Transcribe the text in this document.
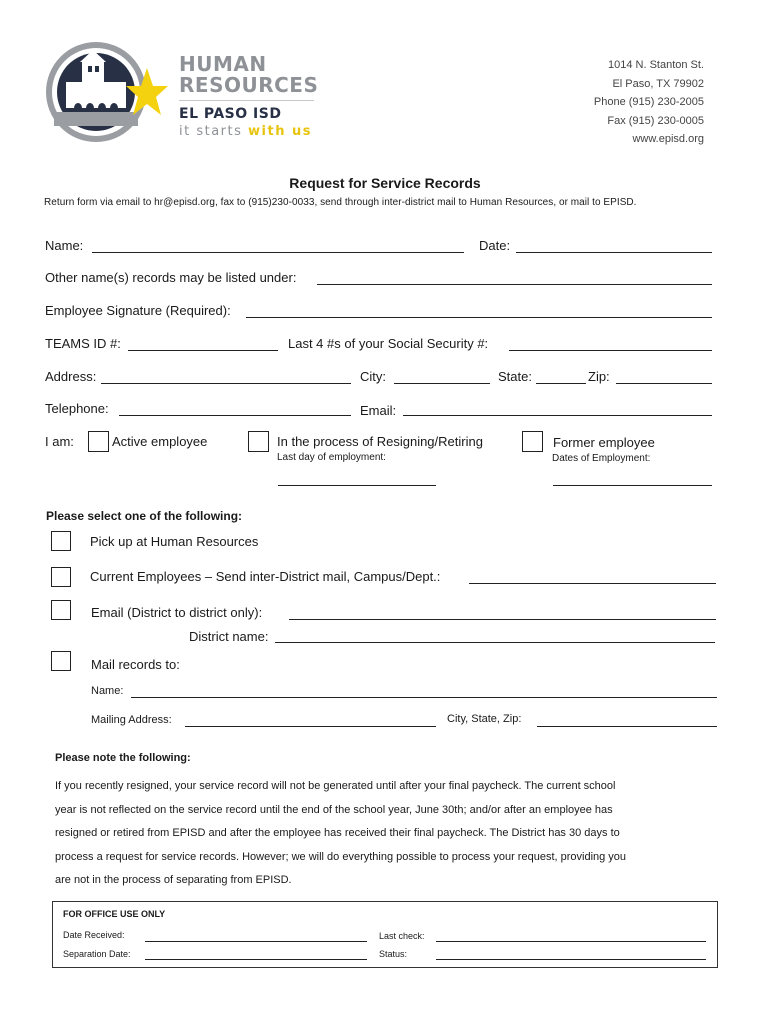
HUMAN
RESOURCES
EL PASO ISD
it starts with us
1014 N. Stanton St.
El Paso, TX 79902
Phone (915) 230-2005
Fax (915) 230-0005
www.episd.org
Request for Service Records
Return form via email to hr@episd.org, fax to (915)230-0033, send through inter-district mail to Human Resources, or mail to EPISD.
Name:	Date:
Other name(s) records may be listed under:
Employee Signature (Required):
TEAMS ID #:	Last 4 #s of your Social Security #:
Address:	City:	State:	Zip:
Telephone:	Email:
I am:	Active employee	In the process of Resigning/Retiring
Last day of employment:
Former employee
Dates of Employment:
Please select one of the following:
Pick up at Human Resources
Current Employees – Send inter-District mail, Campus/Dept.:
Email (District to district only):
District name:
Mail records to:
Name:
Mailing Address:	City, State, Zip:
Please note the following:

If you recently resigned, your service record will not be generated until after your final paycheck. The current school

year is not reflected on the service record until the end of the school year, June 30th; and/or after an employee has

resigned or retired from EPISD and after the employee has received their final paycheck. The District has 30 days to

process a request for service records. However; we will do everything possible to process your request, providing you

are not in the process of separating from EPISD.

FOR OFFICE USE ONLY
Date Received:	Last check:
Separation Date:	Status:
